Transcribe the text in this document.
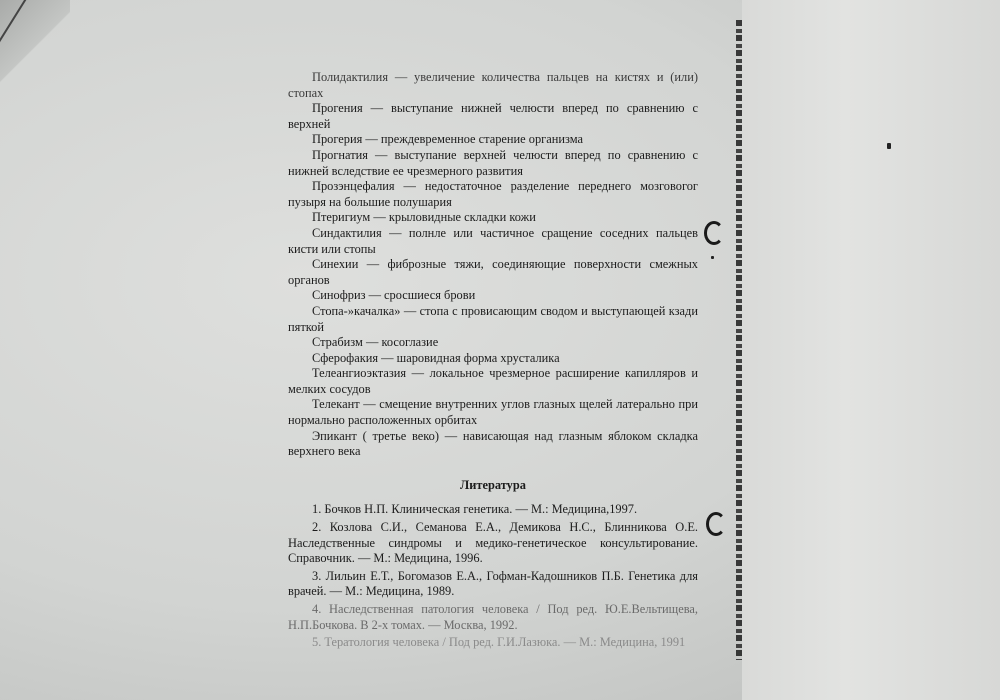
Полидактилия — увеличение количества пальцев на кистях и (или) стопах

Прогения — выступание нижней челюсти вперед по сравнению с верхней

Прогерия — преждевременное старение организма

Прогнатия — выступание верхней челюсти вперед по сравнению с нижней вследствие ее чрезмерного развития

Прозэнцефалия — недостаточное разделение переднего мозговогог пузыря на большие полушария

Птеригиум — крыловидные складки кожи

Синдактилия — полнле или частичное сращение соседних пальцев кисти или стопы

Синехии — фиброзные тяжи, соединяющие поверхности смежных органов

Синофриз — сросшиеся брови

Стопа-»качалка» — стопа с провисающим сводом и выступающей кзади пяткой

Страбизм — косоглазие

Сферофакия — шаровидная форма хрусталика

Телеангиоэктазия — локальное чрезмерное расширение капилляров и мелких сосудов

Телекант — смещение внутренних углов глазных щелей латерально при нормально расположенных орбитах

Эпикант ( третье веко) — нависающая над глазным яблоком складка верхнего века

Литература

1. Бочков Н.П. Клиническая генетика. — М.: Медицина,1997.

2. Козлова С.И., Семанова Е.А., Демикова Н.С., Блинникова О.Е. Наследственные синдромы и медико-генетическое консультирование. Справочник. — М.: Медицина, 1996.

3. Лильин Е.Т., Богомазов Е.А., Гофман-Кадошников П.Б. Генетика для врачей. — М.: Медицина, 1989.

4. Наследственная патология человека / Под ред. Ю.Е.Вельтищева, Н.П.Бочкова. В 2-х томах. — Москва, 1992.

5. Тератология человека / Под ред. Г.И.Лазюка. — М.: Медицина, 1991
